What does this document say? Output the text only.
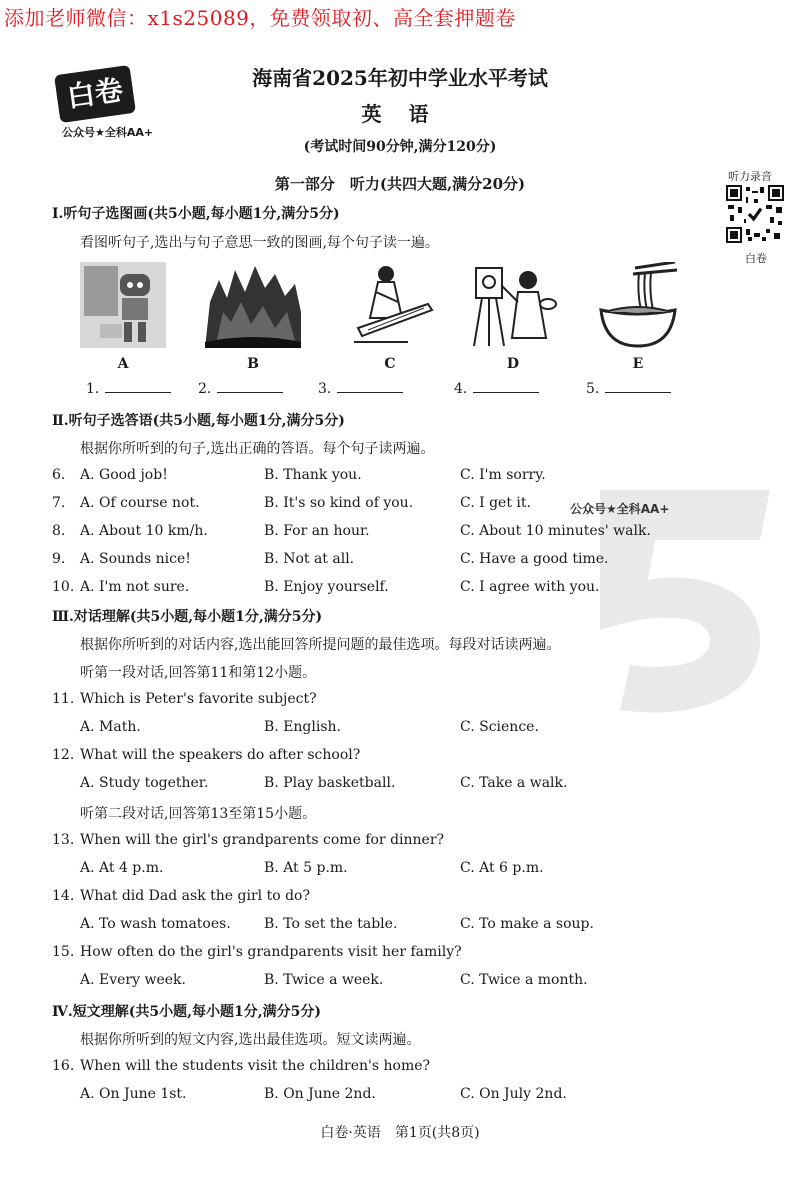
添加老师微信：x1s25089，免费领取初、高全套押题卷
白卷
公众号★全科AA+
海南省2025年初中学业水平考试
英 语
(考试时间90分钟,满分120分)
听力录音
白卷
公众号★全科AA+
第一部分　听力(共四大题,满分20分)
Ⅰ.听句子选图画(共5小题,每小题1分,满分5分)
看图听句子,选出与句子意思一致的图画,每个句子读一遍。
A	B	C	D	E
1.	2.	3.	4.	5.
Ⅱ.听句子选答语(共5小题,每小题1分,满分5分)
根据你所听到的句子,选出正确的答语。每个句子读两遍。
6. A. Good job!	B. Thank you.	C. I'm sorry.
7. A. Of course not.	B. It's so kind of you.	C. I get it.
8. A. About 10 km/h.	B. For an hour.	C. About 10 minutes' walk.
9. A. Sounds nice!	B. Not at all.	C. Have a good time.
10. A. I'm not sure.	B. Enjoy yourself.	C. I agree with you.
Ⅲ.对话理解(共5小题,每小题1分,满分5分)
根据你所听到的对话内容,选出能回答所提问题的最佳选项。每段对话读两遍。
听第一段对话,回答第11和第12小题。
11. Which is Peter's favorite subject?
A. Math.	B. English.	C. Science.
12. What will the speakers do after school?
A. Study together.	B. Play basketball.	C. Take a walk.
听第二段对话,回答第13至第15小题。
13. When will the girl's grandparents come for dinner?
A. At 4 p.m.	B. At 5 p.m.	C. At 6 p.m.
14. What did Dad ask the girl to do?
A. To wash tomatoes. B. To set the table.	C. To make a soup.
15. How often do the girl's grandparents visit her family?
A. Every week.	B. Twice a week.	C. Twice a month.
Ⅳ.短文理解(共5小题,每小题1分,满分5分)
根据你所听到的短文内容,选出最佳选项。短文读两遍。
16. When will the students visit the children's home?
A. On June 1st.	B. On June 2nd.	C. On July 2nd.
白卷·英语　第1页(共8页)
